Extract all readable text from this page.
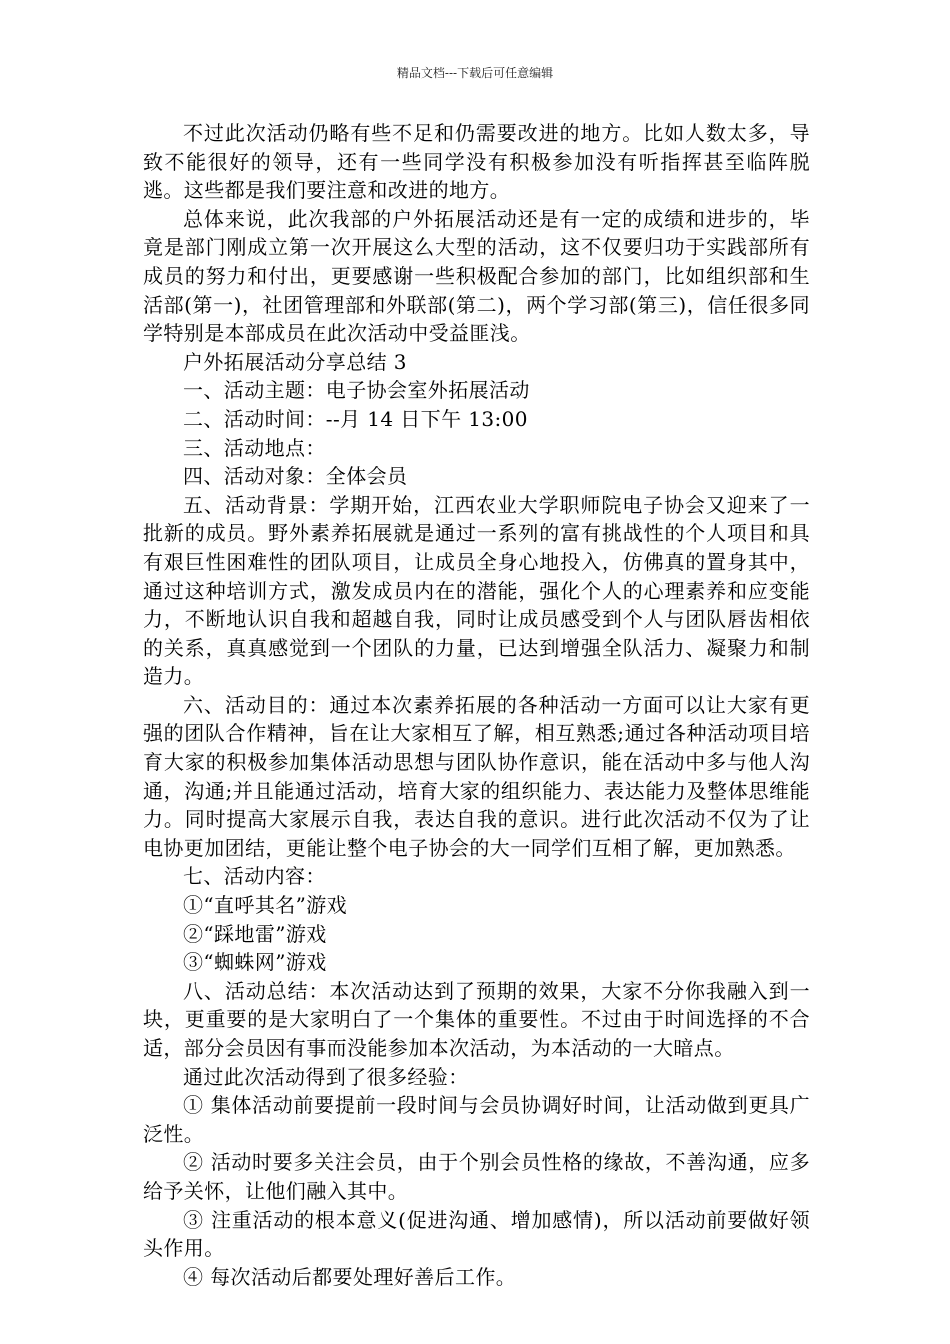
精品文档---下载后可任意编辑

不过此次活动仍略有些不足和仍需要改进的地方。比如人数太多，导致不能很好的领导，还有一些同学没有积极参加没有听指挥甚至临阵脱逃。这些都是我们要注意和改进的地方。

总体来说，此次我部的户外拓展活动还是有一定的成绩和进步的，毕竟是部门刚成立第一次开展这么大型的活动，这不仅要归功于实践部所有成员的努力和付出，更要感谢一些积极配合参加的部门，比如组织部和生活部(第一)，社团管理部和外联部(第二)，两个学习部(第三)，信任很多同学特别是本部成员在此次活动中受益匪浅。

户外拓展活动分享总结 3

一、活动主题：电子协会室外拓展活动

二、活动时间：--月 14 日下午 13:00

三、活动地点：

四、活动对象：全体会员

五、活动背景：学期开始，江西农业大学职师院电子协会又迎来了一批新的成员。野外素养拓展就是通过一系列的富有挑战性的个人项目和具有艰巨性困难性的团队项目，让成员全身心地投入，仿佛真的置身其中，通过这种培训方式，激发成员内在的潜能，强化个人的心理素养和应变能力，不断地认识自我和超越自我，同时让成员感受到个人与团队唇齿相依的关系，真真感觉到一个团队的力量，已达到增强全队活力、凝聚力和制造力。

六、活动目的：通过本次素养拓展的各种活动一方面可以让大家有更强的团队合作精神，旨在让大家相互了解，相互熟悉;通过各种活动项目培育大家的积极参加集体活动思想与团队协作意识，能在活动中多与他人沟通，沟通;并且能通过活动，培育大家的组织能力、表达能力及整体思维能力。同时提高大家展示自我，表达自我的意识。进行此次活动不仅为了让电协更加团结，更能让整个电子协会的大一同学们互相了解，更加熟悉。

七、活动内容：

①“直呼其名”游戏

②“踩地雷”游戏

③“蜘蛛网”游戏

八、活动总结：本次活动达到了预期的效果，大家不分你我融入到一块，更重要的是大家明白了一个集体的重要性。不过由于时间选择的不合适，部分会员因有事而没能参加本次活动，为本活动的一大暗点。

通过此次活动得到了很多经验：

① 集体活动前要提前一段时间与会员协调好时间，让活动做到更具广泛性。

② 活动时要多关注会员，由于个别会员性格的缘故，不善沟通，应多给予关怀，让他们融入其中。

③ 注重活动的根本意义(促进沟通、增加感情)，所以活动前要做好领头作用。

④ 每次活动后都要处理好善后工作。
